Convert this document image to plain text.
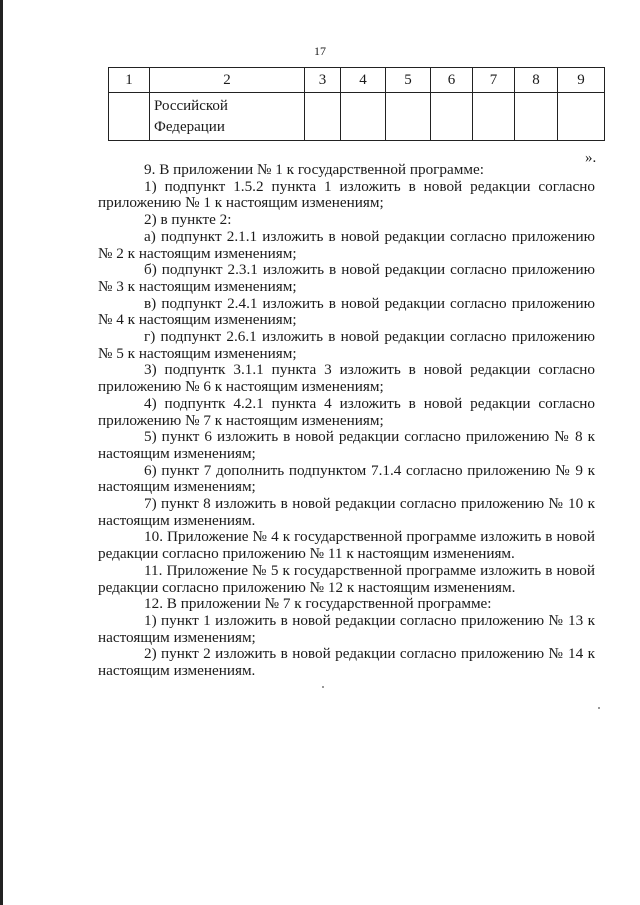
17
1	2	3	4	5	6	7	8	9

	Российской
Федерации							

».

9. В приложении № 1 к государственной программе:

1) подпункт 1.5.2 пункта 1 изложить в новой редакции согласно

приложению № 1 к настоящим изменениям;

2) в пункте 2:

а) подпункт 2.1.1 изложить в новой редакции согласно приложению

№ 2 к настоящим изменениям;

б) подпункт 2.3.1 изложить в новой редакции согласно приложению

№ 3 к настоящим изменениям;

в) подпункт 2.4.1 изложить в новой редакции согласно приложению

№ 4 к настоящим изменениям;

г) подпункт 2.6.1 изложить в новой редакции согласно приложению

№ 5 к настоящим изменениям;

3) подпунтк 3.1.1 пункта 3 изложить в новой редакции согласно

приложению № 6 к настоящим изменениям;

4) подпунтк 4.2.1 пункта 4 изложить в новой редакции согласно

приложению № 7 к настоящим изменениям;

5) пункт 6 изложить в новой редакции согласно приложению № 8 к

настоящим изменениям;

6) пункт 7 дополнить подпунктом 7.1.4 согласно приложению № 9 к

настоящим изменениям;

7) пункт 8 изложить в новой редакции согласно приложению № 10 к

настоящим изменениям.

10. Приложение № 4 к государственной программе изложить в новой

редакции согласно приложению № 11 к настоящим изменениям.

11. Приложение № 5 к государственной программе изложить в новой

редакции согласно приложению № 12 к настоящим изменениям.

12. В приложении № 7 к государственной программе:

1) пункт 1 изложить в новой редакции согласно приложению № 13 к

настоящим изменениям;

2) пункт 2 изложить в новой редакции согласно приложению № 14 к

настоящим изменениям.
